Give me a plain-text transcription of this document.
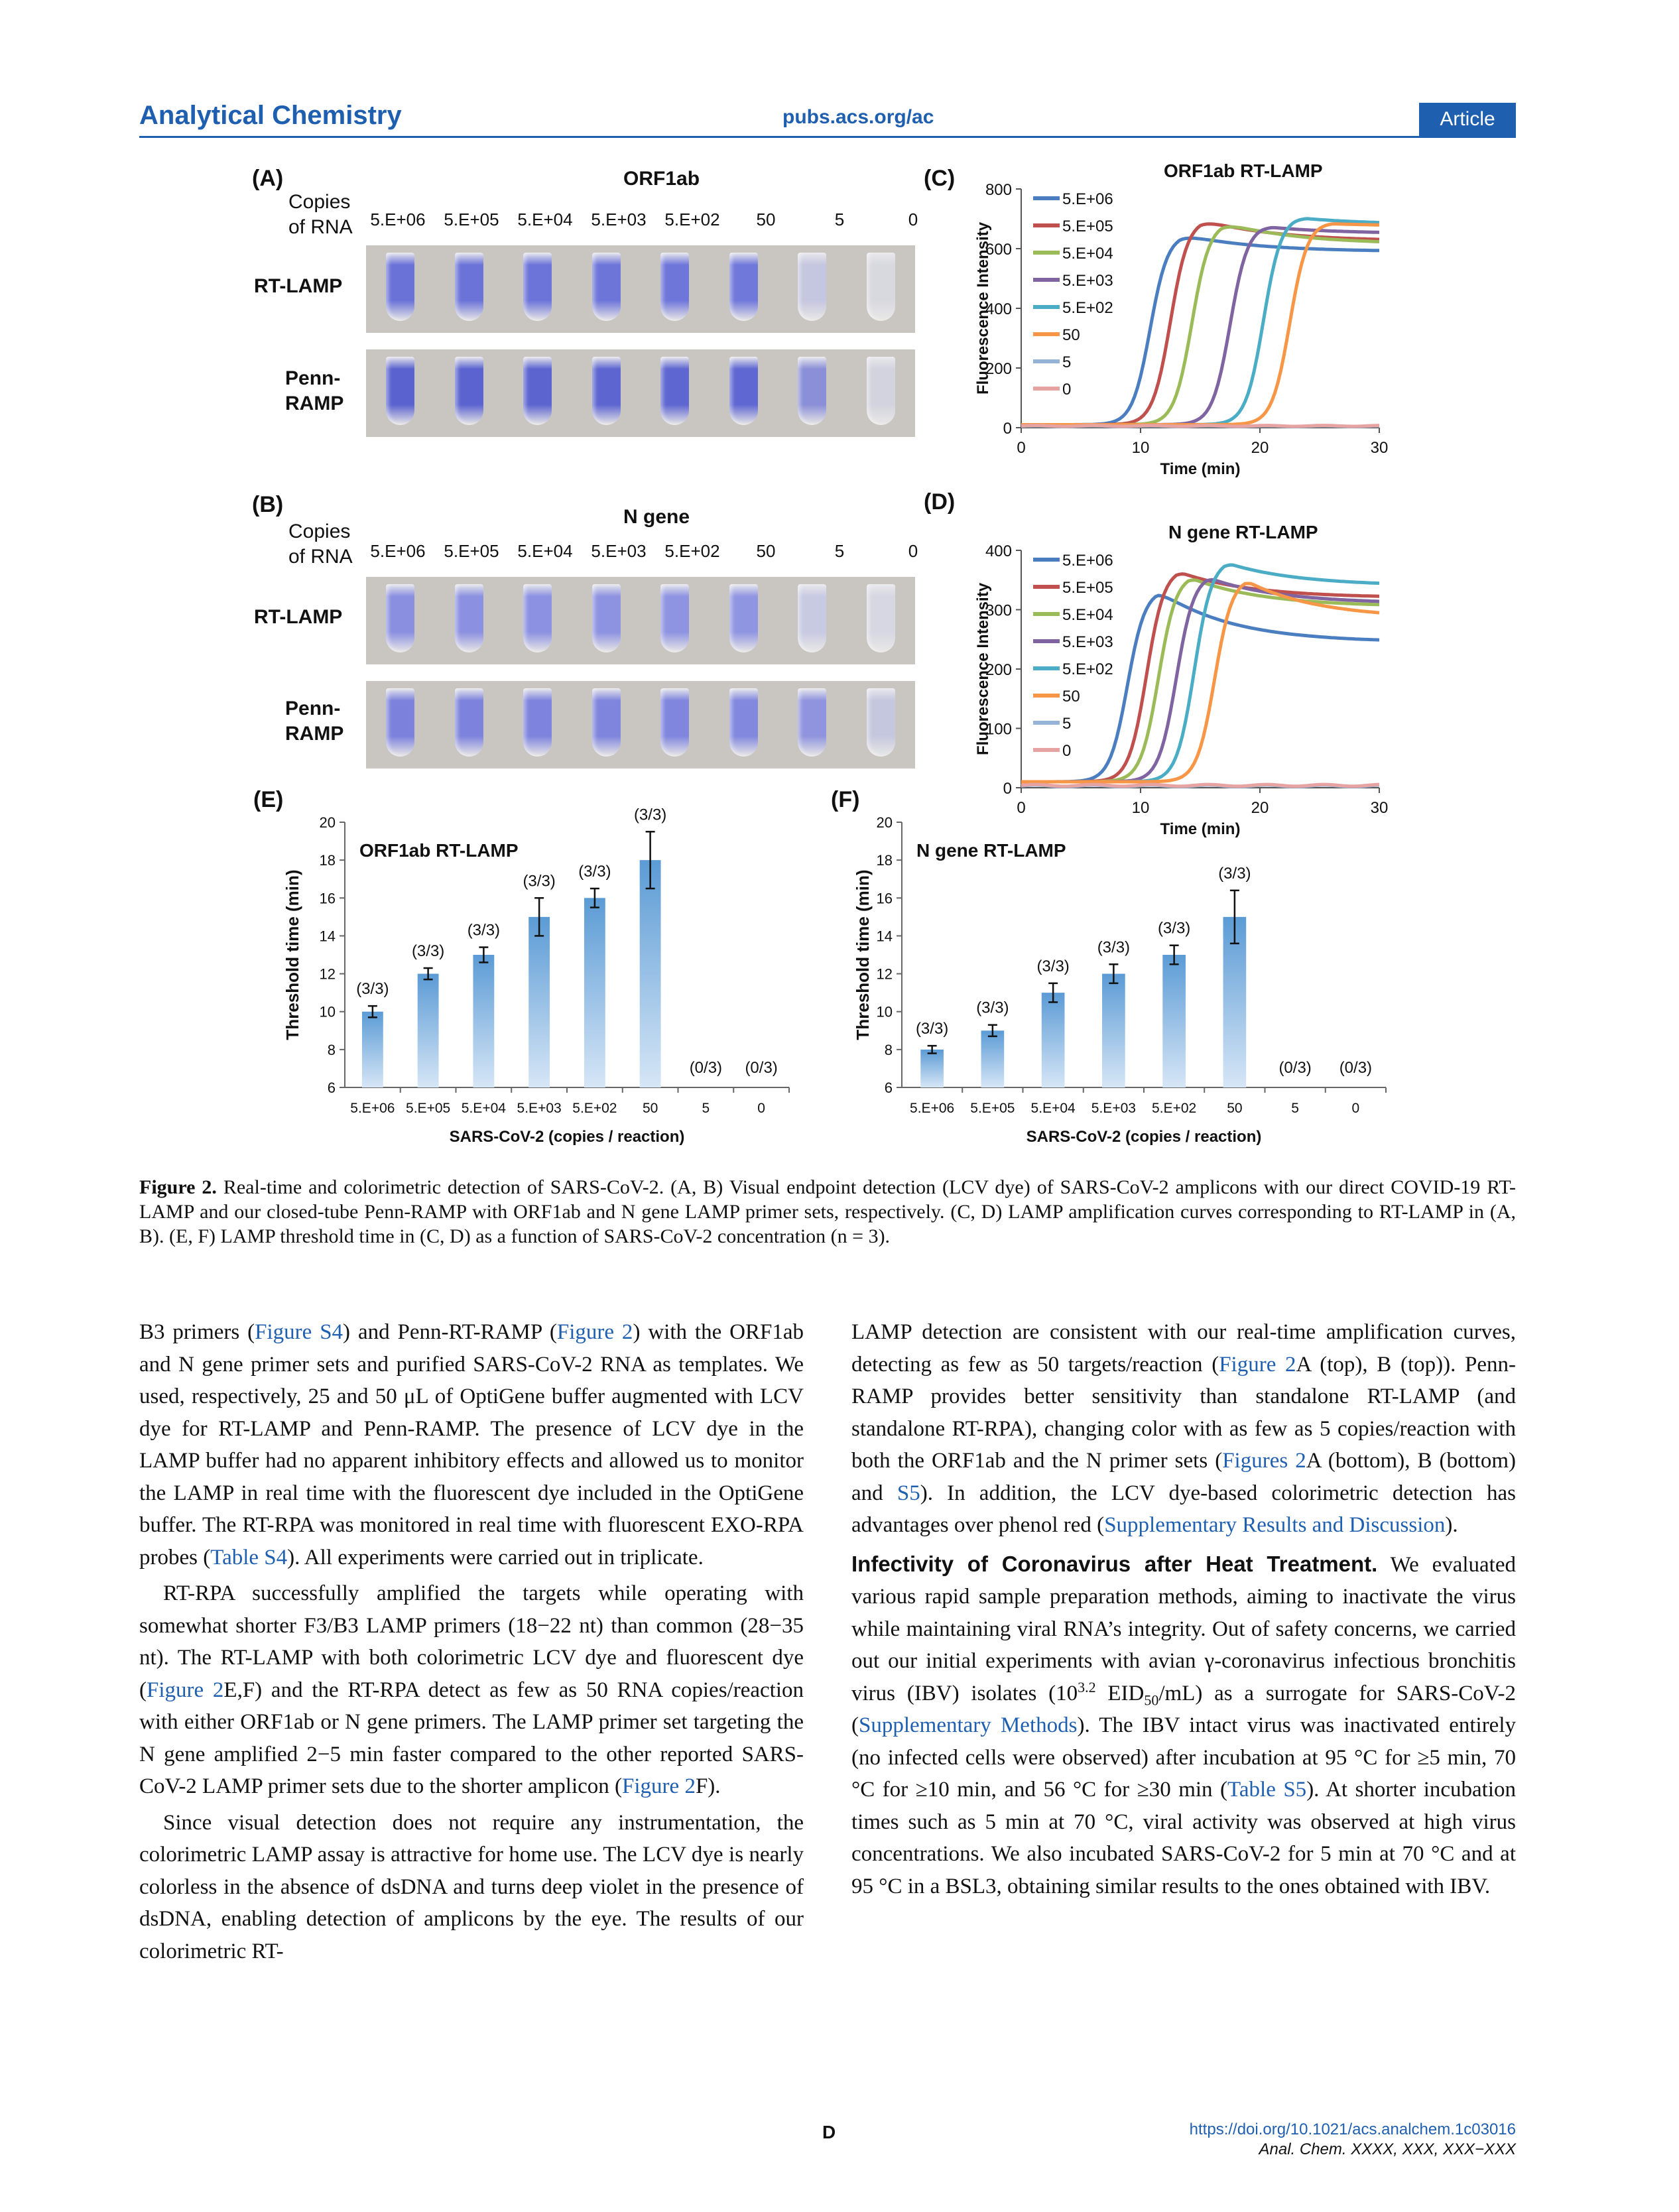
Analytical Chemistry	pubs.acs.org/ac	Article
(A)	ORF1ab
Copies
of RNA	5.E+06	5.E+05	5.E+04	5.E+03	5.E+02	50	5	0
RT-LAMP
Penn-
RAMP
(B)	N gene
Copies
of RNA	5.E+06	5.E+05	5.E+04	5.E+03	5.E+02	50	5	0
RT-LAMP
Penn-
RAMP
(C)
(D)
(E)	(F)
0
200
400
600
800
0	10	20	30
Time (min)
Fluorescence Intensity
ORF1ab RT-LAMP
5.E+06
5.E+05
5.E+04
5.E+03
5.E+02
50
5
0
0
100
200
300
400
0	10	20	30
Time (min)
Fluorescence Intensity
N gene RT-LAMP
5.E+06
5.E+05
5.E+04
5.E+03
5.E+02
50
5
0
6
8
10
12
14
16
18
20
Threshold time (min)
SARS-CoV-2 (copies / reaction)
ORF1ab RT-LAMP
5.E+06
(3/3)
5.E+05
(3/3)
5.E+04
(3/3)
5.E+03
(3/3)
5.E+02
(3/3)
50
(3/3)
5
(0/3)
0
(0/3)
6
8
10
12
14
16
18
20
Threshold time (min)
SARS-CoV-2 (copies / reaction)
N gene RT-LAMP
5.E+06
(3/3)
5.E+05
(3/3)
5.E+04
(3/3)
5.E+03
(3/3)
5.E+02
(3/3)
50
(3/3)
5
(0/3)
0
(0/3)
Figure 2. Real-time and colorimetric detection of SARS-CoV-2. (A, B) Visual endpoint detection (LCV dye) of SARS-CoV-2 amplicons with our direct COVID-19 RT-LAMP and our closed-tube Penn-RAMP with ORF1ab and N gene LAMP primer sets, respectively. (C, D) LAMP amplification curves corresponding to RT-LAMP in (A, B). (E, F) LAMP threshold time in (C, D) as a function of SARS-CoV-2 concentration (n = 3).

B3 primers (Figure S4) and Penn-RT-RAMP (Figure 2) with the ORF1ab and N gene primer sets and purified SARS-CoV-2 RNA as templates. We used, respectively, 25 and 50 μL of OptiGene buffer augmented with LCV dye for RT-LAMP and Penn-RAMP. The presence of LCV dye in the LAMP buffer had no apparent inhibitory effects and allowed us to monitor the LAMP in real time with the fluorescent dye included in the OptiGene buffer. The RT-RPA was monitored in real time with fluorescent EXO-RPA probes (Table S4). All experiments were carried out in triplicate.

RT-RPA successfully amplified the targets while operating with somewhat shorter F3/B3 LAMP primers (18−22 nt) than common (28−35 nt). The RT-LAMP with both colorimetric LCV dye and fluorescent dye (Figure 2E,F) and the RT-RPA detect as few as 50 RNA copies/reaction with either ORF1ab or N gene primers. The LAMP primer set targeting the N gene amplified 2−5 min faster compared to the other reported SARS-CoV-2 LAMP primer sets due to the shorter amplicon (Figure 2F).

Since visual detection does not require any instrumentation, the colorimetric LAMP assay is attractive for home use. The LCV dye is nearly colorless in the absence of dsDNA and turns deep violet in the presence of dsDNA, enabling detection of amplicons by the eye. The results of our colorimetric RT-

LAMP detection are consistent with our real-time amplification curves, detecting as few as 50 targets/reaction (Figure 2A (top), B (top)). Penn-RAMP provides better sensitivity than standalone RT-LAMP (and standalone RT-RPA), changing color with as few as 5 copies/reaction with both the ORF1ab and the N primer sets (Figures 2A (bottom), B (bottom) and S5). In addition, the LCV dye-based colorimetric detection has advantages over phenol red (Supplementary Results and Discussion).

Infectivity of Coronavirus after Heat Treatment. We evaluated various rapid sample preparation methods, aiming to inactivate the virus while maintaining viral RNA’s integrity. Out of safety concerns, we carried out our initial experiments with avian γ-coronavirus infectious bronchitis virus (IBV) isolates ($10^{3.2}$ $EID_{50}/mL$) as a surrogate for SARS-CoV-2 (Supplementary Methods). The IBV intact virus was inactivated entirely (no infected cells were observed) after incubation at 95 °C for ≥5 min, 70 °C for ≥10 min, and 56 °C for ≥30 min (Table S5). At shorter incubation times such as 5 min at 70 °C, viral activity was observed at high virus concentrations. We also incubated SARS-CoV-2 for 5 min at 70 °C and at 95 °C in a BSL3, obtaining similar results to the ones obtained with IBV.

D	https://doi.org/10.1021/acs.analchem.1c03016
Anal. Chem. XXXX, XXX, XXX−XXX
